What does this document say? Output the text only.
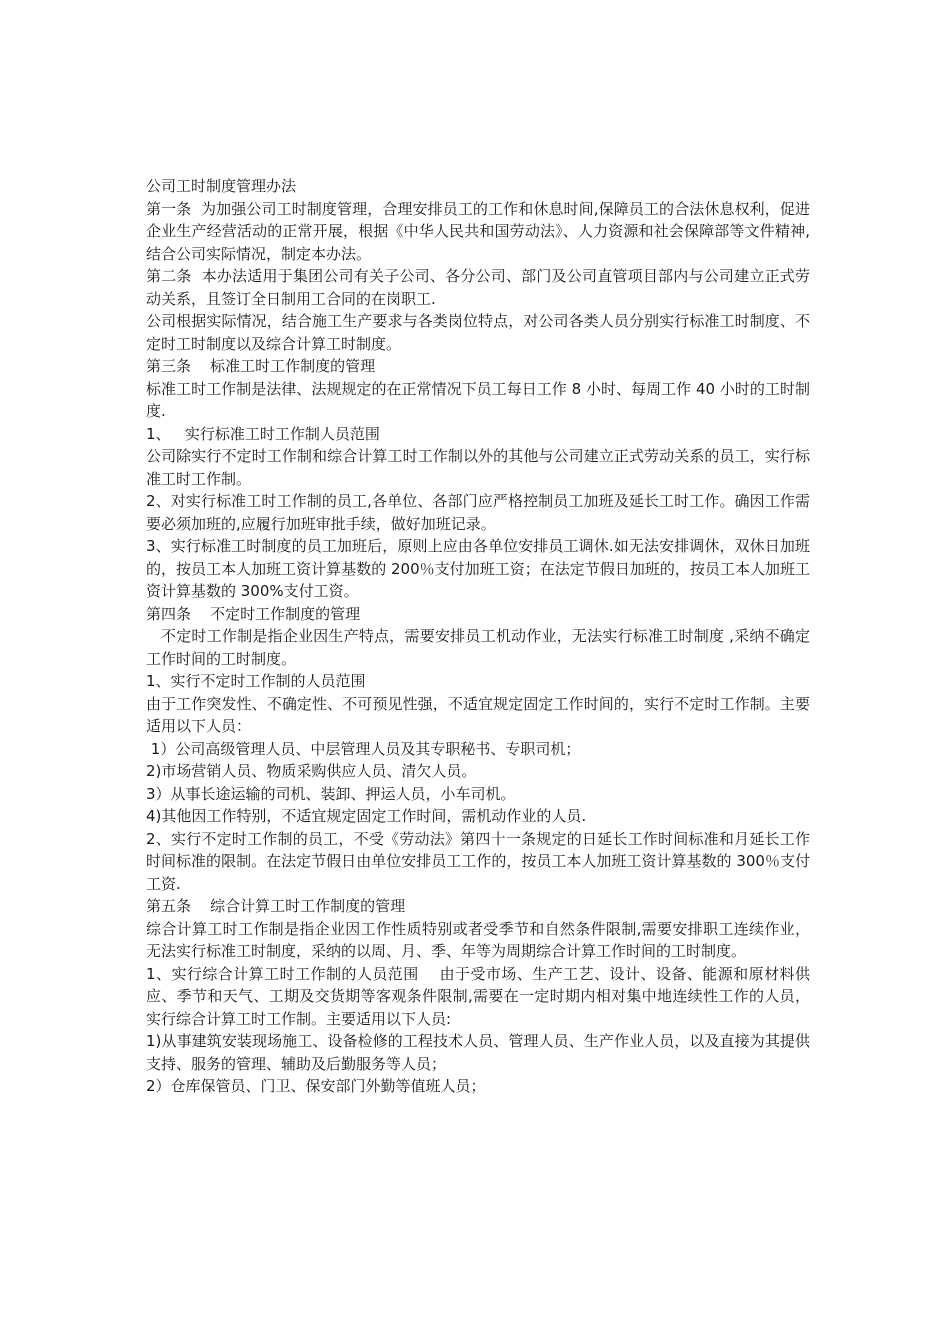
公司工时制度管理办法

第一条  为加强公司工时制度管理，合理安排员工的工作和休息时间,保障员工的合法休息权利，促进企业生产经营活动的正常开展，根据《中华人民共和国劳动法》、人力资源和社会保障部等文件精神,结合公司实际情况，制定本办法。

第二条  本办法适用于集团公司有关子公司、各分公司、部门及公司直管项目部内与公司建立正式劳动关系，且签订全日制用工合同的在岗职工.

公司根据实际情况，结合施工生产要求与各类岗位特点，对公司各类人员分别实行标准工时制度、不定时工时制度以及综合计算工时制度。

第三条    标准工时工作制度的管理

标准工时工作制是法律、法规规定的在正常情况下员工每日工作 8 小时、每周工作 40 小时的工时制度.

1、   实行标准工时工作制人员范围

公司除实行不定时工作制和综合计算工时工作制以外的其他与公司建立正式劳动关系的员工，实行标准工时工作制。

2、对实行标准工时工作制的员工,各单位、各部门应严格控制员工加班及延长工时工作。确因工作需要必须加班的,应履行加班审批手续，做好加班记录。

3、实行标准工时制度的员工加班后，原则上应由各单位安排员工调休.如无法安排调休，双休日加班的，按员工本人加班工资计算基数的 200％支付加班工资；在法定节假日加班的，按员工本人加班工资计算基数的 300%支付工资。

第四条    不定时工作制度的管理

不定时工作制是指企业因生产特点，需要安排员工机动作业，无法实行标准工时制度 ,采纳不确定工作时间的工时制度。

1、实行不定时工作制的人员范围

由于工作突发性、不确定性、不可预见性强，不适宜规定固定工作时间的，实行不定时工作制。主要适用以下人员：

1）公司高级管理人员、中层管理人员及其专职秘书、专职司机；

2)市场营销人员、物质采购供应人员、清欠人员。

3）从事长途运输的司机、装卸、押运人员，小车司机。

4)其他因工作特别，不适宜规定固定工作时间，需机动作业的人员.

2、实行不定时工作制的员工，不受《劳动法》第四十一条规定的日延长工作时间标准和月延长工作时间标准的限制。在法定节假日由单位安排员工工作的，按员工本人加班工资计算基数的 300％支付工资.

第五条    综合计算工时工作制度的管理

综合计算工时工作制是指企业因工作性质特别或者受季节和自然条件限制,需要安排职工连续作业，无法实行标准工时制度，采纳的以周、月、季、年等为周期综合计算工作时间的工时制度。

1、实行综合计算工时工作制的人员范围    由于受市场、生产工艺、设计、设备、能源和原材料供应、季节和天气、工期及交货期等客观条件限制,需要在一定时期内相对集中地连续性工作的人员，实行综合计算工时工作制。主要适用以下人员:

1)从事建筑安装现场施工、设备检修的工程技术人员、管理人员、生产作业人员，以及直接为其提供支持、服务的管理、辅助及后勤服务等人员；

2）仓库保管员、门卫、保安部门外勤等值班人员；
